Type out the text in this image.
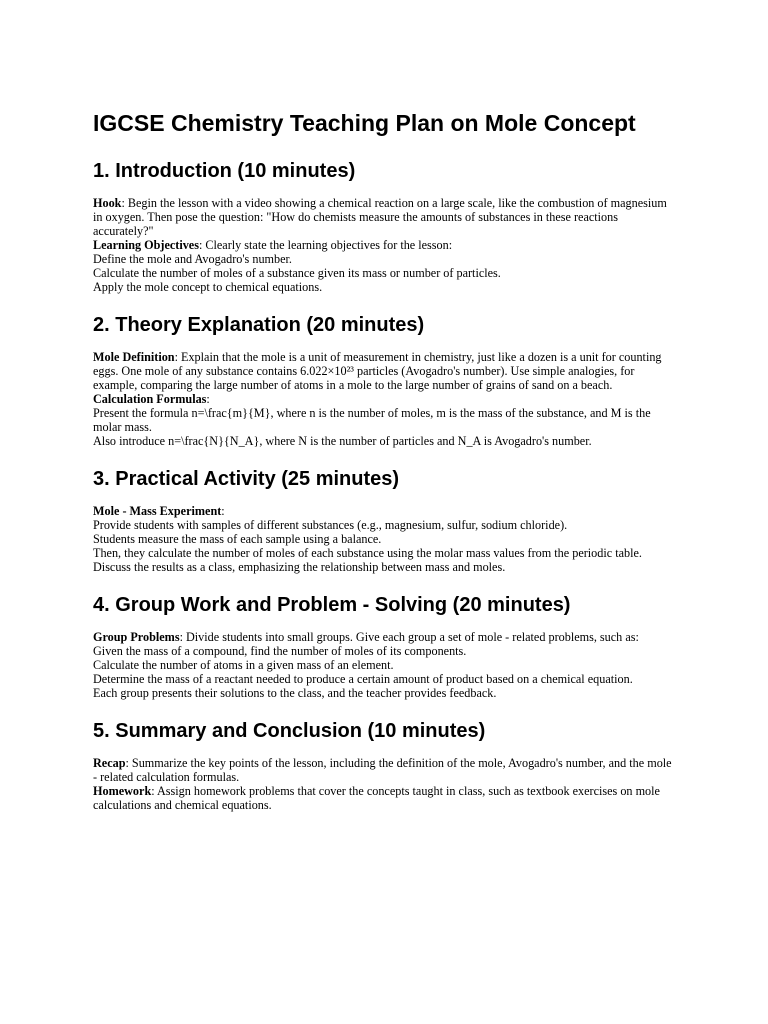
IGCSE Chemistry Teaching Plan on Mole Concept
1. Introduction (10 minutes)

Hook: Begin the lesson with a video showing a chemical reaction on a large scale, like the combustion of magnesium in oxygen. Then pose the question: "How do chemists measure the amounts of substances in these reactions accurately?"

Learning Objectives: Clearly state the learning objectives for the lesson:

Define the mole and Avogadro's number.

Calculate the number of moles of a substance given its mass or number of particles.

Apply the mole concept to chemical equations.

2. Theory Explanation (20 minutes)

Mole Definition: Explain that the mole is a unit of measurement in chemistry, just like a dozen is a unit for counting eggs. One mole of any substance contains 6.022×10²³ particles (Avogadro's number). Use simple analogies, for example, comparing the large number of atoms in a mole to the large number of grains of sand on a beach.

Calculation Formulas:

Present the formula n=\frac{m}{M}, where n is the number of moles, m is the mass of the substance, and M is the molar mass.

Also introduce n=\frac{N}{N_A}, where N is the number of particles and N_A is Avogadro's number.

3. Practical Activity (25 minutes)

Mole - Mass Experiment:

Provide students with samples of different substances (e.g., magnesium, sulfur, sodium chloride).

Students measure the mass of each sample using a balance.

Then, they calculate the number of moles of each substance using the molar mass values from the periodic table.

Discuss the results as a class, emphasizing the relationship between mass and moles.

4. Group Work and Problem - Solving (20 minutes)

Group Problems: Divide students into small groups. Give each group a set of mole - related problems, such as:

Given the mass of a compound, find the number of moles of its components.

Calculate the number of atoms in a given mass of an element.

Determine the mass of a reactant needed to produce a certain amount of product based on a chemical equation.

Each group presents their solutions to the class, and the teacher provides feedback.

5. Summary and Conclusion (10 minutes)

Recap: Summarize the key points of the lesson, including the definition of the mole, Avogadro's number, and the mole - related calculation formulas.

Homework: Assign homework problems that cover the concepts taught in class, such as textbook exercises on mole calculations and chemical equations.
